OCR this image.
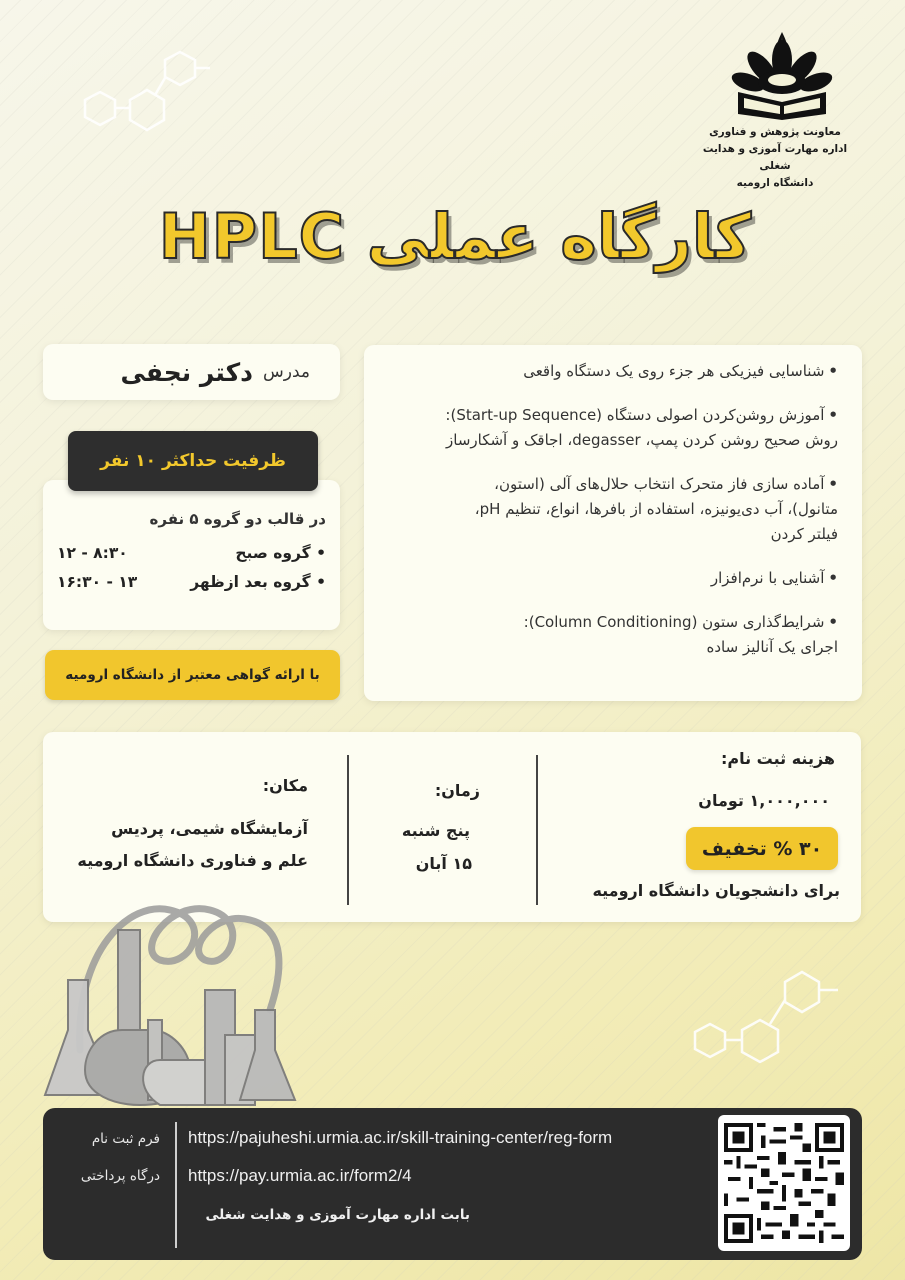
معاونت پژوهش و فناوری
اداره مهارت آموزی و هدایت شغلی
دانشگاه ارومیه
کارگاه عملی HPLC
•شناسایی فیزیکی هر جزء روی یک دستگاه واقعی
•آموزش روشن‌کردن اصولی دستگاه (Start-up Sequence):
روش صحیح روشن کردن پمپ، degasser، اجاقک و آشکارساز
•آماده سازی فاز متحرک انتخاب حلال‌های آلی (استون،
متانول)، آب دی‌یونیزه، استفاده از بافرها، انواع، تنظیم pH،
فیلتر کردن
•آشنایی با نرم‌افزار
•شرایط‌گذاری ستون (Column Conditioning):
اجرای یک آنالیز ساده
مدرس
دکتر نجفی
در قالب دو گروه ۵ نفره
• گروه صبح
۸:۳۰ - ۱۲
• گروه بعد ازظهر
۱۳ - ۱۶:۳۰
ظرفیت حداکثر ۱۰ نفر
با ارائه گواهی معتبر از دانشگاه ارومیه
هزینه ثبت نام:
۱,۰۰۰,۰۰۰ تومان
۳۰ % تخفیف
برای دانشجویان دانشگاه ارومیه
زمان:
پنج شنبه
۱۵ آبان
مکان:
آزمایشگاه شیمی، پردیس
علم و فناوری دانشگاه ارومیه
فرم ثبت نام https://pajuheshi.urmia.ac.ir/skill-training-center/reg-form
درگاه پرداختی https://pay.urmia.ac.ir/form2/4
بابت اداره مهارت آموزی و هدایت شغلی
